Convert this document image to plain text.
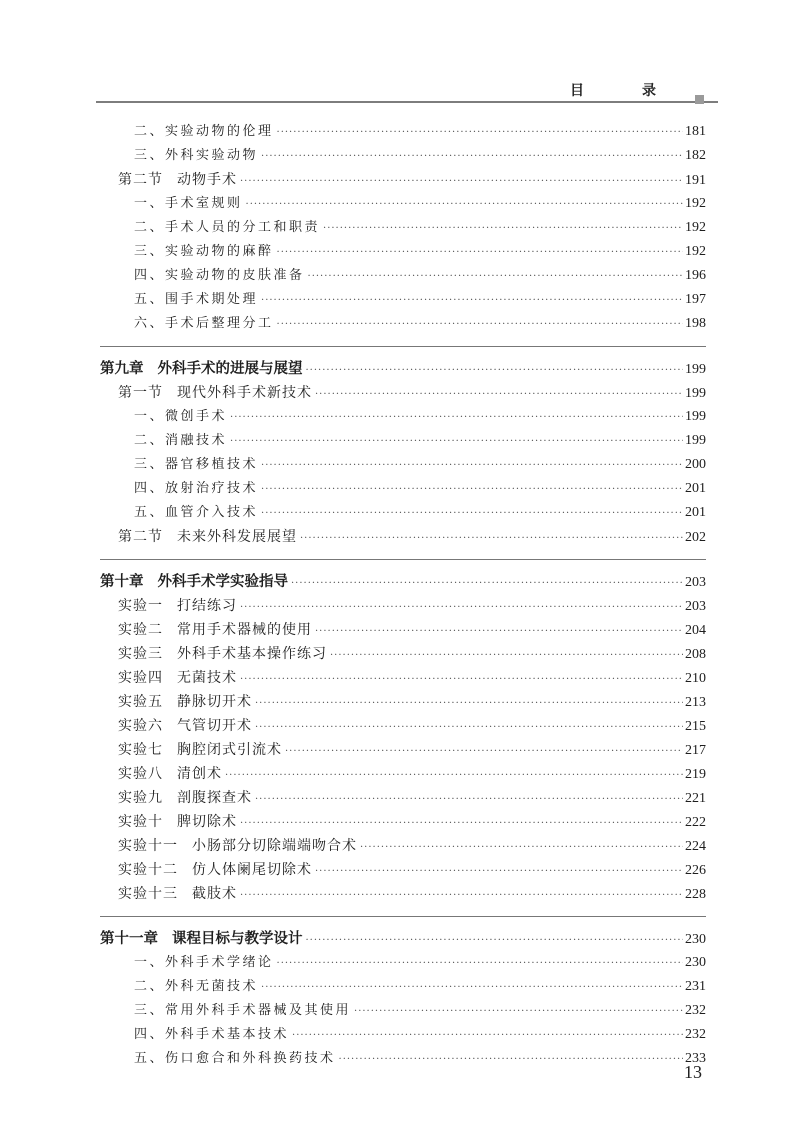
目　录
二、实验动物的伦理 ·····	181
三、外科实验动物 ·····	182
第二节 动物手术 ·····	191
一、手术室规则 ·····	192
二、手术人员的分工和职责 ·····	192
三、实验动物的麻醉 ·····	192
四、实验动物的皮肤准备 ·····	196
五、围手术期处理 ·····	197
六、手术后整理分工 ·····	198
第九章 外科手术的进展与展望 ·····	199
第一节 现代外科手术新技术 ·····	199
一、微创手术 ·····	199
二、消融技术 ·····	199
三、器官移植技术 ·····	200
四、放射治疗技术 ·····	201
五、血管介入技术 ·····	201
第二节 未来外科发展展望 ·····	202
第十章 外科手术学实验指导 ·····	203
实验一 打结练习 ·····	203
实验二 常用手术器械的使用 ·····	204
实验三 外科手术基本操作练习 ·····	208
实验四 无菌技术 ·····	210
实验五 静脉切开术 ·····	213
实验六 气管切开术 ·····	215
实验七 胸腔闭式引流术 ·····	217
实验八 清创术 ·····	219
实验九 剖腹探查术 ·····	221
实验十 脾切除术 ·····	222
实验十一 小肠部分切除端端吻合术 ·····	224
实验十二 仿人体阑尾切除术 ·····	226
实验十三 截肢术 ·····	228
第十一章 课程目标与教学设计 ·····	230
一、外科手术学绪论 ·····	230
二、外科无菌技术 ·····	231
三、常用外科手术器械及其使用 ·····	232
四、外科手术基本技术 ·····	232
五、伤口愈合和外科换药技术 ·····	233
13
